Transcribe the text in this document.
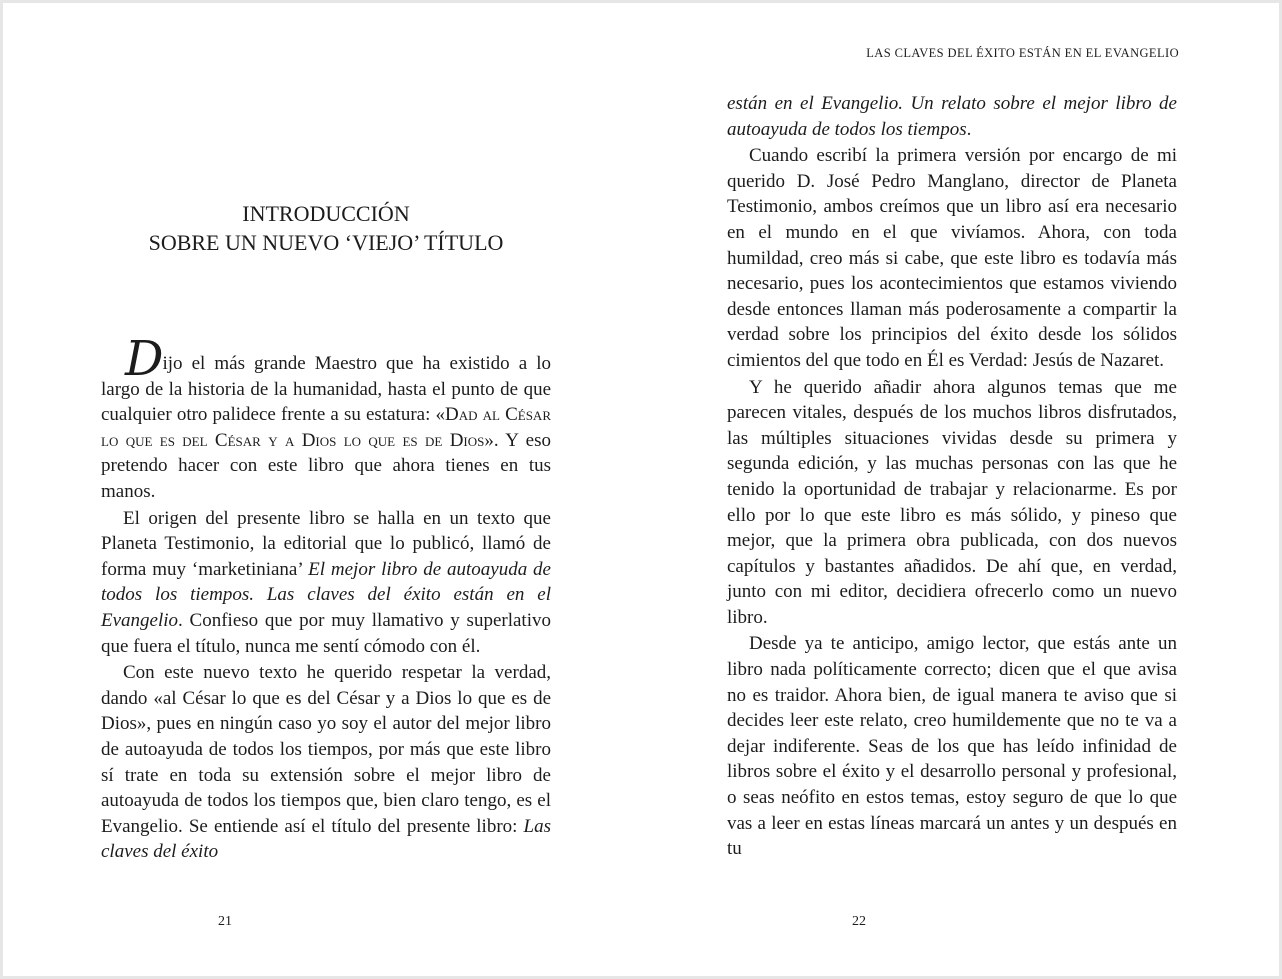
INTRODUCCIÓN
SOBRE UN NUEVO ‘VIEJO’ TÍTULO

Dijo el más grande Maestro que ha existido a lo largo de la historia de la humanidad, hasta el punto de que cualquier otro palidece frente a su estatura: «Dad al César lo que es del César y a Dios lo que es de Dios». Y eso pretendo hacer con este libro que ahora tienes en tus manos.

El origen del presente libro se halla en un texto que Planeta Testimonio, la editorial que lo publicó, llamó de forma muy ‘marketiniana’ El mejor libro de autoayuda de todos los tiempos. Las claves del éxito están en el Evangelio. Confieso que por muy llamativo y superlativo que fuera el título, nunca me sentí cómodo con él.

Con este nuevo texto he querido respetar la verdad, dando «al César lo que es del César y a Dios lo que es de Dios», pues en ningún caso yo soy el autor del mejor libro de autoayuda de todos los tiempos, por más que este libro sí trate en toda su extensión sobre el mejor libro de autoayuda de todos los tiempos que, bien claro tengo, es el Evangelio. Se entiende así el título del presente libro: Las claves del éxito

21
LAS CLAVES DEL ÉXITO ESTÁN EN EL EVANGELIO

están en el Evangelio. Un relato sobre el mejor libro de autoayuda de todos los tiempos.

Cuando escribí la primera versión por encargo de mi querido D. José Pedro Manglano, director de Planeta Testimonio, ambos creímos que un libro así era necesario en el mundo en el que vivíamos. Ahora, con toda humildad, creo más si cabe, que este libro es todavía más necesario, pues los acontecimientos que estamos viviendo desde entonces llaman más poderosamente a compartir la verdad sobre los principios del éxito desde los sólidos cimientos del que todo en Él es Verdad: Jesús de Nazaret.

Y he querido añadir ahora algunos temas que me parecen vitales, después de los muchos libros disfrutados, las múltiples situaciones vividas desde su primera y segunda edición, y las muchas personas con las que he tenido la oportunidad de trabajar y relacionarme. Es por ello por lo que este libro es más sólido, y pineso que mejor, que la primera obra publicada, con dos nuevos capítulos y bastantes añadidos. De ahí que, en verdad, junto con mi editor, decidiera ofrecerlo como un nuevo libro.

Desde ya te anticipo, amigo lector, que estás ante un libro nada políticamente correcto; dicen que el que avisa no es traidor. Ahora bien, de igual manera te aviso que si decides leer este relato, creo humildemente que no te va a dejar indiferente. Seas de los que has leído infinidad de libros sobre el éxito y el desarrollo personal y profesional, o seas neófito en estos temas, estoy seguro de que lo que vas a leer en estas líneas marcará un antes y un después en tu

22
